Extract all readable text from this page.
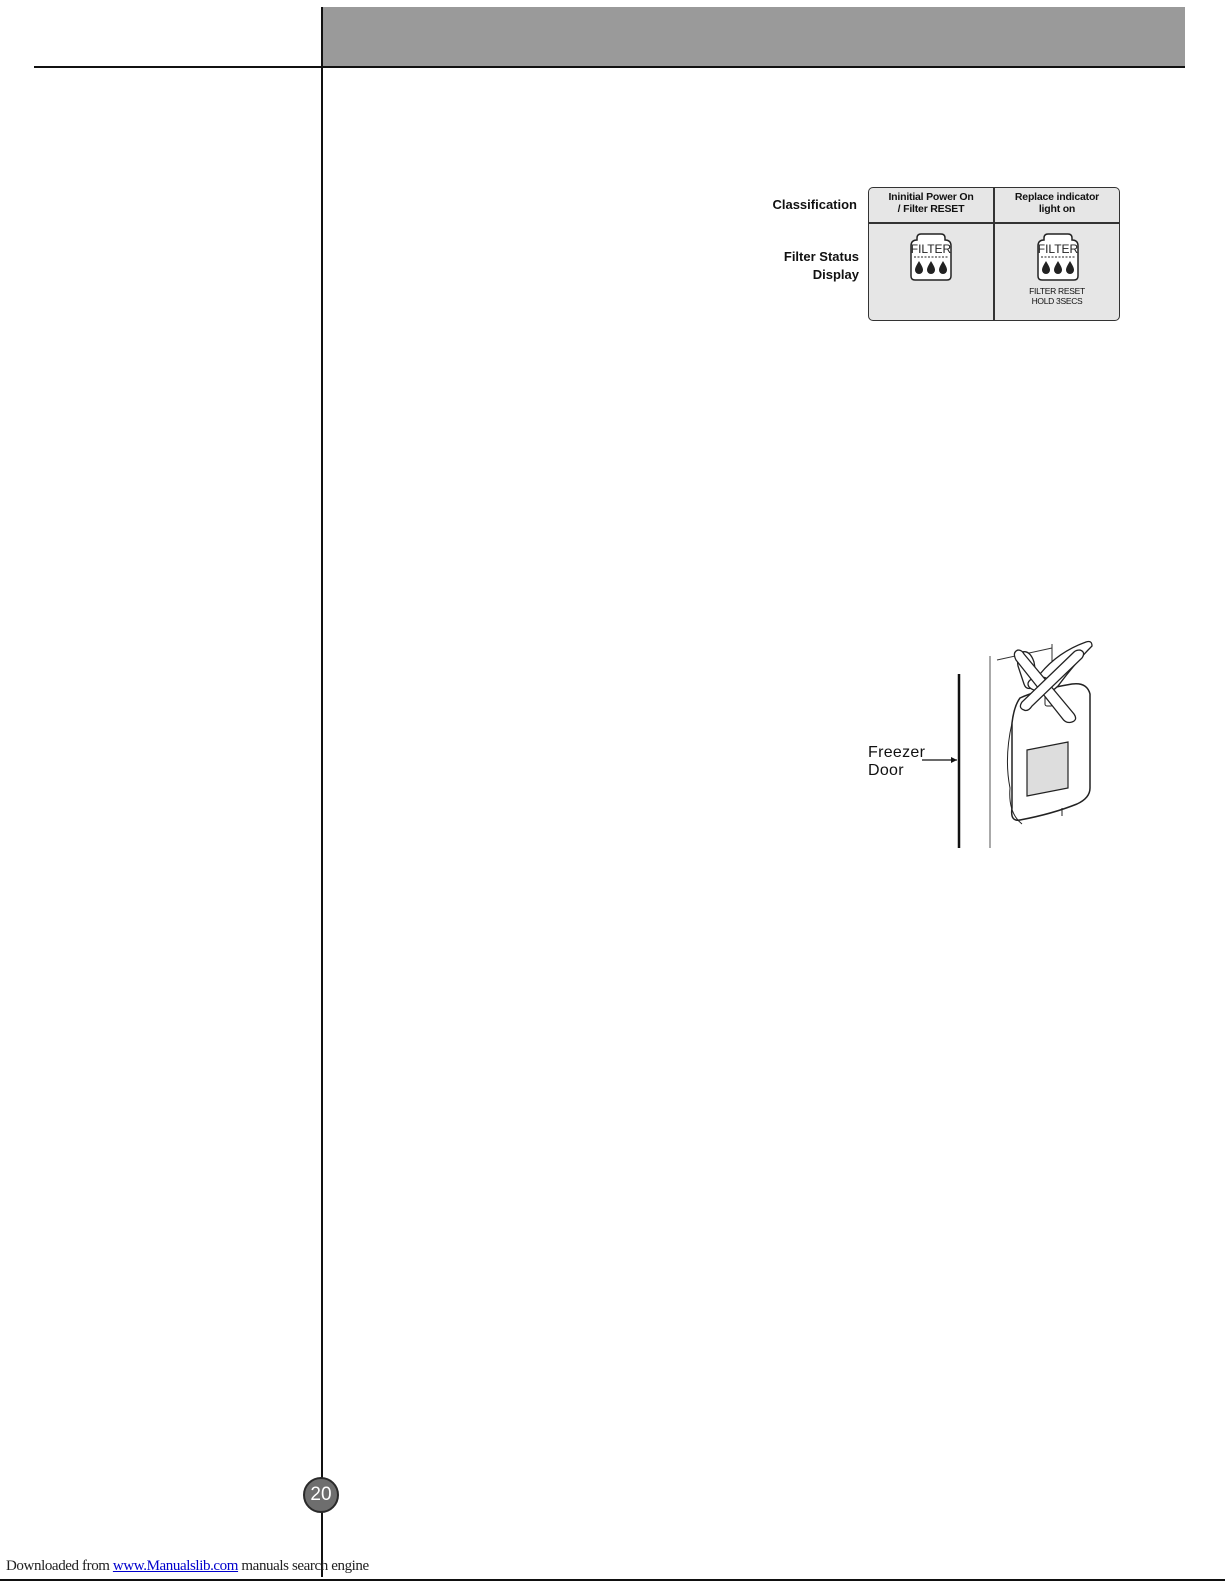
Classification
Filter Status
Display
Ininitial Power On
/ Filter RESET
Replace indicator
light on
FILTER	FILTER
FILTER RESET
HOLD 3SECS
Freezer
Door
20
Downloaded from www.Manualslib.com manuals search engine
